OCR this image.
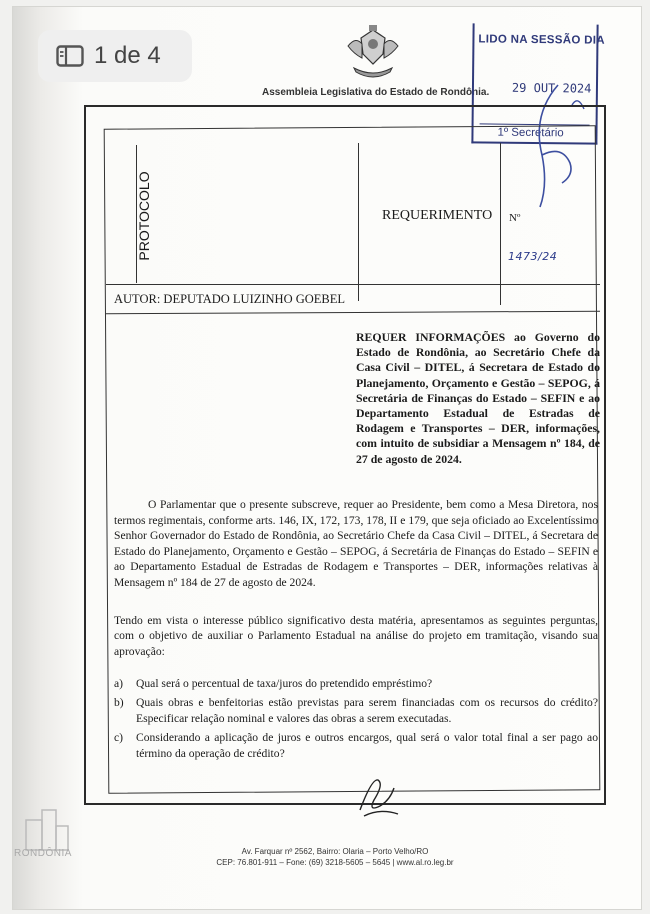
1 de 4
Assembleia Legislativa do Estado de Rondônia.
LIDO NA SESSÃO DIA
29 OUT 2024
1º Secretário
PROTOCOLO	REQUERIMENTO Nº
1473/24
AUTOR: DEPUTADO LUIZINHO GOEBEL
REQUER INFORMAÇÕES ao Governo do Estado de Rondônia, ao Secretário Chefe da Casa Civil – DITEL, á Secretara de Estado do Planejamento, Orçamento e Gestão – SEPOG, á Secretária de Finanças do Estado – SEFIN e ao Departamento Estadual de Estradas de Rodagem e Transportes – DER, informações, com intuito de subsidiar a Mensagem nº 184, de 27 de agosto de 2024.
O Parlamentar que o presente subscreve, requer ao Presidente, bem como a Mesa Diretora, nos termos regimentais, conforme arts. 146, IX, 172, 173, 178, II e 179, que seja oficiado ao Excelentíssimo Senhor Governador do Estado de Rondônia, ao Secretário Chefe da Casa Civil – DITEL, á Secretara de Estado do Planejamento, Orçamento e Gestão – SEPOG, á Secretária de Finanças do Estado – SEFIN e ao Departamento Estadual de Estradas de Rodagem e Transportes – DER, informações relativas à Mensagem nº 184 de 27 de agosto de 2024.
Tendo em vista o interesse público significativo desta matéria, apresentamos as seguintes perguntas, com o objetivo de auxiliar o Parlamento Estadual na análise do projeto em tramitação, visando sua aprovação:
a)	Qual será o percentual de taxa/juros do pretendido empréstimo?
b)	Quais obras e benfeitorias estão previstas para serem financiadas com os recursos do crédito? Especificar relação nominal e valores das obras a serem executadas.
c)	Considerando a aplicação de juros e outros encargos, qual será o valor total final a ser pago ao término da operação de crédito?
RONDÔNIA	Av. Farquar nº 2562, Bairro: Olaria – Porto Velho/RO
CEP: 76.801-911 – Fone: (69) 3218-5605 – 5645 | www.al.ro.leg.br
